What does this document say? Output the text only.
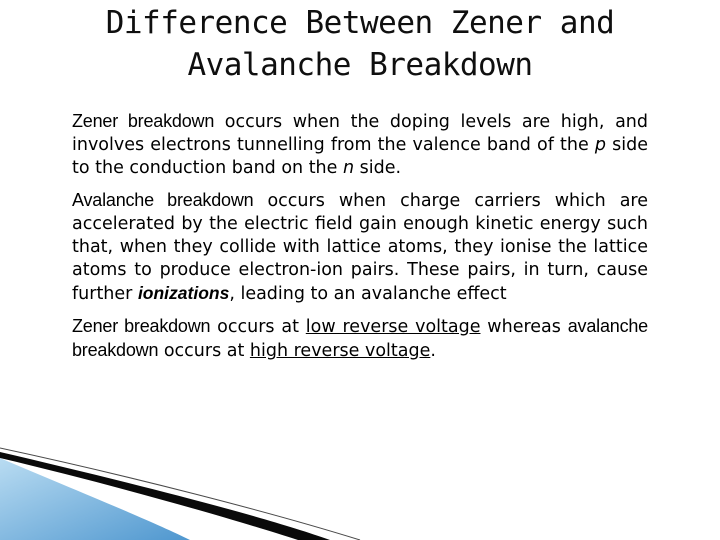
Difference Between Zener and
Avalanche Breakdown

Zener breakdown occurs when the doping levels are high, and involves electrons tunnelling from the valence band of the p side to the conduction band on the n side.

Avalanche breakdown occurs when charge carriers which are accelerated by the electric field gain enough kinetic energy such that, when they collide with lattice atoms, they ionise the lattice atoms to produce electron-ion pairs. These pairs, in turn, cause further ionizations, leading to an avalanche effect

Zener breakdown occurs at low reverse voltage whereas avalanche breakdown occurs at high reverse voltage.
